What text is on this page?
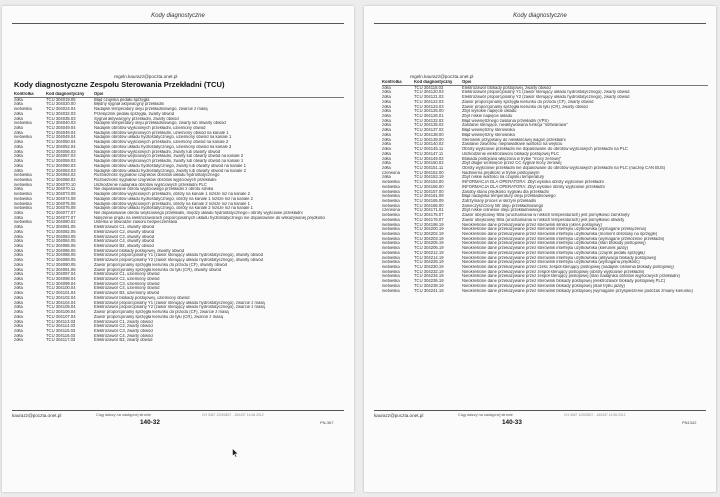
Kody diagnostyczne
regeln.kaurazz@poczta.onet.pl
Kody diagnostyczne Zespołu Sterowania Przekładni (TCU)
Kontrolka	Kod diagnostyczny	Opis
żółta	TCU 304019.05	Błąd czujnika pedału sprzęgła
żółta	TCU 304020.00	Błędny sygnał aktywacyjny przekładni
niebieska	TCU 304024.04	Nadajnik temperatury oleju przekładniowego, zwarcie z masą
żółta	TCU 304032.03	Przełącznik pedału sprzęgła, zwarty obwód
żółta	TCU 304035.03	Sygnał aktywacyjny przekładni, zwarty obwód
niebieska	TCU 304040.03	Nadajnik temperatury oleju przekładniowego, zwarty lub otwarty obwód
żółta	TCU 304049.04	Nadajnik obrotów wyjściowych przekładni, uziemiony obwód
żółta	TCU 304049.04	Nadajnik obrotów wejściowych przekładni, uziemiony obwód na kanale 1
niebieska	TCU 304049.04	Nadajnik obrotów układu hydrostatycznego, uziemiony obwód na kanale 1
żółta	TCU 304050.04	Nadajnik obrotów wyjściowych przekładni, uziemiony obwód na kanale 2
żółta	TCU 304052.04	Nadajnik obrotów układu hydrostatycznego, uziemiony obwód na kanale 2
żółta	TCU 304056.03	Nadajnik obrotów wyjściowych przekładni, zwarty lub otwarty obwód
żółta	TCU 304057.03	Nadajnik obrotów wejściowych przekładni, zwarty lub otwarty obwód na kanale 2
żółta	TCU 304059.03	Nadajnik obrotów wejściowych przekładni, zwarty lub otwarty obwód na kanale 1
żółta	TCU 304060.03	Nadajnik obrotów układu hydrostatycznego, zwarty lub otwarty obwód na kanale 1
żółta	TCU 304063.03	Nadajnik obrotów układu hydrostatycznego, zwarty lub otwarty obwód na kanale 2
niebieska	TCU 304064.02	Rozbieżność sygnałów czujników obrotów układu hydrostatycznego
niebieska	TCU 304066.02	Rozbieżność sygnałów czujników obrotów wyjściowych przekładni
niebieska	TCU 304070.10	Uszkodzenie nadajnika obrotów wyjściowych przekładni PLC
żółta	TCU 304070.11	Nie dopasowanie obrotu wyjściowego przekładni z obrotu silnika
niebieska	TCU 304073.08	Nadajnik obrotów wyjściowych przekładni, obroty na kanale 1 niższe niż na kanale 2
niebieska	TCU 304074.08	Nadajnik obrotów układu hydrostatycznego, obroty na kanale 1 niższe niż na kanale 2
niebieska	TCU 304075.08	Nadajnik obrotów wyjściowych przekładni, obroty na kanale 2 niższe niż na kanale 1
niebieska	TCU 304076.08	Nadajnik obrotów układu hydrostatycznego, obroty na kanale 2 niższe niż na kanale 1
żółta	TCU 304077.07	Nie dopasowanie obrotu wejściowego przekładni, między układu hydrostatycznego i obroty wyjściowe przekładni
żółta	TCU 304077.07	Natężenie prądu na elektrozaworach proporcjonalnych układu hydrostatycznego nie dopasowane do wskazywanej prędkości
niebieska	TCU 304080.02	Usterka w obwodzie zaworu bezpieczeństwa
żółta	TCU 304081.05	Elektrozawór C1, otwarty obwód
żółta	TCU 304082.05	Elektrozawór C2, otwarty obwód
żółta	TCU 304083.05	Elektrozawór C3, otwarty obwód
żółta	TCU 304084.05	Elektrozawór C4, otwarty obwód
żółta	TCU 304085.05	Elektrozawór B3, otwarty obwód
żółta	TCU 304086.05	Elektrozawór blokady postojowej, otwarty obwód
żółta	TCU 304088.05	Elektrozawór proporcjonalny Y1 (zawór sterujący układu hydrostatycznego), otwarty obwód
żółta	TCU 304089.05	Elektrozawór proporcjonalny Y2 (zawór sterujący układu hydrostatycznego), otwarty obwód
żółta	TCU 304090.05	Zawór proporcjonalny sprzęgła kierunku do przodu (CF), otwarty obwód
żółta	TCU 304091.05	Zawór proporcjonalny sprzęgła kierunku do tyłu (CR), otwarty obwód
żółta	TCU 304097.04	Elektrozawór C1, uziemiony obwód
żółta	TCU 304098.04	Elektrozawór C2, uziemiony obwód
żółta	TCU 304099.04	Elektrozawór C3, uziemiony obwód
żółta	TCU 304100.04	Elektrozawór C4, uziemiony obwód
żółta	TCU 304101.04	Elektrozawór B3, uziemiony obwód
żółta	TCU 304102.04	Elektrozawór blokady postojowej, uziemiony obwód
żółta	TCU 304104.04	Elektrozawór proporcjonalny Y1 (zawór sterujący układu hydrostatycznego), zwarcie z masą
żółta	TCU 304105.04	Elektrozawór proporcjonalny Y2 (zawór sterujący układu hydrostatycznego), zwarcie z masą
żółta	TCU 304106.04	Zawór proporcjonalny sprzęgła kierunku do przodu (CF), zwarcie z masą
żółta	TCU 304107.04	Zawór proporcjonalny sprzęgła kierunku do tyłu (CR), zwarcie z masą
żółta	TCU 304113.03	Elektrozawór C1, zwarty obwód
żółta	TCU 304114.03	Elektrozawór C2, zwarty obwód
żółta	TCU 304115.03	Elektrozawór C3, zwarty obwód
żółta	TCU 304116.03	Elektrozawór C4, zwarty obwód
żółta	TCU 304117.03	Elektrozawór B3, zwarty obwód
kaurazz@poczta.onet.pl	Ciąg dalszy na następnej stronie	CH 3467 12000827 - 160437 14.06.2012
140-32	PN-367
Kody diagnostyczne
regeln.kaurazz@poczta.onet.pl
Kontrolka	Kod diagnostyczny	Opis
żółta	TCU 304118.03	Elektrozawór blokady postojowej, zwarty obwód
żółta	TCU 304120.03	Elektrozawór proporcjonalny Y1 (zawór sterujący układu hydrostatycznego), zwarty obwód
żółta	TCU 304121.03	Elektrozawór proporcjonalny Y2 (zawór sterujący układu hydrostatycznego), zwarty obwód
żółta	TCU 304122.03	Zawór proporcjonalny sprzęgła kierunku do przodu (CF), zwarty obwód
żółta	TCU 304123.03	Zawór proporcjonalny sprzęgła kierunku do tyłu (CR), zwarty obwód
żółta	TCU 304125.00	Zbyt wysokie napięcie układu
żółta	TCU 304126.01	Zbyt niskie napięcie układu
żółta	TCU 304132.02	Błąd wewnętrznego zasilania przekładni (VPS)
żółta	TCU 304135.02	Zasilanie sterujące, nieaktywowana funkcja "softwarowa"
żółta	TCU 304137.02	Błąd wewnętrzny sterownika
żółta	TCU 304138.00	Błąd wewnętrzny sterownika
żółta	TCU 304139.00	Sterownik przypisany do niewłaściwej wagon przekładni
żółta	TCU 304140.02	Zasilanie zaworów, nieprawidłowe wartości na wejściu
żółta	TCU 304145.11	Obroty wyjściowe przekładni nie dopasowane do obrotów wyjściowych przekładni na PLC
żółta	TCU 304147.11	Uszkodzenie elektrozaworu blokady postojowej PLC
żółta	TCU 304149.02	Blokada postojowa włączona w trybie "mocy zerowej"
żółta	TCU 304150.02	Zbyt długie wciśnięcie przez CC sygnał mocy zerowej
żółta	TCU 304151.11	Obroty wyjściowe przekładni nie dopasowane do obrotów wyjściowych przekładni na PLC (naczep CAN BUS)
czerwona	TCU 304152.00	Nadmierna prędkość w trybie postojowym
żółta	TCU 304153.19	Zbyt niskie wartości na czujniku temperatury
niebieska	TCU 304154.00	INFORMACJA DLA OPERATORA: Zbyt wysoka obroty wyjściowe przekładni
niebieska	TCU 304156.00	INFORMACJA DLA OPERATORA: Zbyt wysokie obroty wyjściowe przekładni
niebieska	TCU 304157.00	Zasoby stanu prędkości sygnału dla przekładni
niebieska	TCU 304161.09	Błąd nadajnika temperatury oleju przekładniowego
niebieska	TCU 304165.09	Zatrzymany proces w skrzyni przekładni
niebieska	TCU 304166.00	Zanieczyszczony filtr oleju przekładniowego
czerwona	TCU 304171.01	Zbyt niskie ciśnienie oleju przekładniowego
niebieska	TCU 304175.07	Zawór obejściowy filtra (uruchamiania w niskich temperaturach) jest pomyłkowo zamknięty
niebieska	TCU 304176.07	Zawór obejściowy filtra (uruchamiania w niskich temperaturach) jest pomyłkowo otwarty
niebieska	TCU 304198.19	Nieokreślone dane przekazywane przez sterownik silnika (okres postojowy)
niebieska	TCU 304200.19	Nieokreślone dane przekazywane przez sterownik interfejsu użytkownika (wymagane przełączenia)
niebieska	TCU 304202.19	Nieokreślone dane przekazywane przez sterownik interfejsu użytkownika (moment obrotowy na sprzęgle)
niebieska	TCU 304203.19	Nieokreślone dane przekazywane przez sterownik interfejsu użytkownika (wymagane przełożenie przekładni)
niebieska	TCU 304205.19	Nieokreślone dane przekazywane przez sterownik interfejsu użytkownika (stan blokady postojowej)
niebieska	TCU 304206.19	Nieokreślone dane przekazywane przez sterownik interfejsu użytkownika (kierunek jazdy)
niebieska	TCU 304212.19	Nieokreślone dane przekazywane przez sterownik interfejsu użytkownika (czujnik pedału sprzęgła)
niebieska	TCU 304214.19	Nieokreślone dane przekazywane przez sterownik interfejsu użytkownika (aktywacja blokady postojowej)
niebieska	TCU 304226.19	Nieokreślone dane przekazywane przez sterownik interfejsu użytkownika (wymagana prędkość)
niebieska	TCU 304230.19	Nieokreślone dane przekazywane przez czesc zespół sterujący postojowej (nadajnik ciśnienia blokady postojowej)
niebieska	TCU 304232.19	Nieokreślone dane przekazywane przez zespół sterujący postojowej (obroty wyjściowe przekładni)
niebieska	TCU 304234.19	Nieokreślone dane przekazywane przez zespół sterujący postojowej (stan nadajnika obrotów wyjściowych przekładni)
niebieska	TCU 304236.19	Nieokreślone dane przekazywane przez sterownik blokady postojowej (elektrozawór blokady postojowej PLC)
niebieska	TCU 304238.19	Nieokreślone dane przekazywane przez sterownik blokady postojowej (stan trybu jazdy)
niebieska	TCU 304241.19	Nieokreślone dane przekazywane przez sterownik blokady postojowej (wymagane przyspieszenie podczas zmiany kierunku)
kaurazz@poczta.onet.pl	Ciąg dalszy na następnej stronie	CH 3467 12000827 - 160437 14.06.2012
140-33	PN1342
